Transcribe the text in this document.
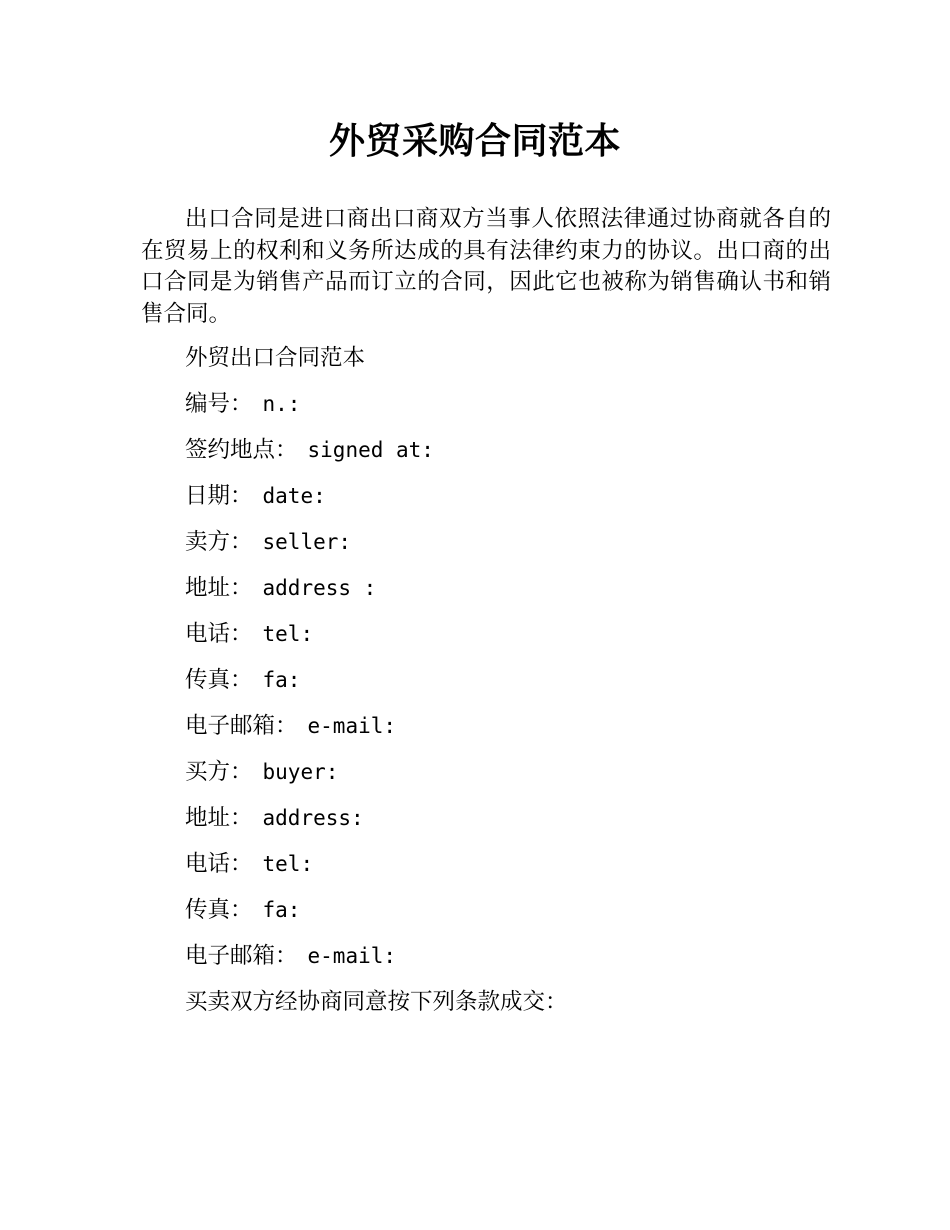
外贸采购合同范本
出口合同是进口商出口商双方当事人依照法律通过协商就各自的在贸易上的权利和义务所达成的具有法律约束力的协议。出口商的出口合同是为销售产品而订立的合同，因此它也被称为销售确认书和销售合同。
外贸出口合同范本
编号： n.:
签约地点： signed at:
日期： date:
卖方： seller:
地址： address :
电话： tel:
传真： fa:
电子邮箱： e-mail:
买方： buyer:
地址： address:
电话： tel:
传真： fa:
电子邮箱： e-mail:
买卖双方经协商同意按下列条款成交：
